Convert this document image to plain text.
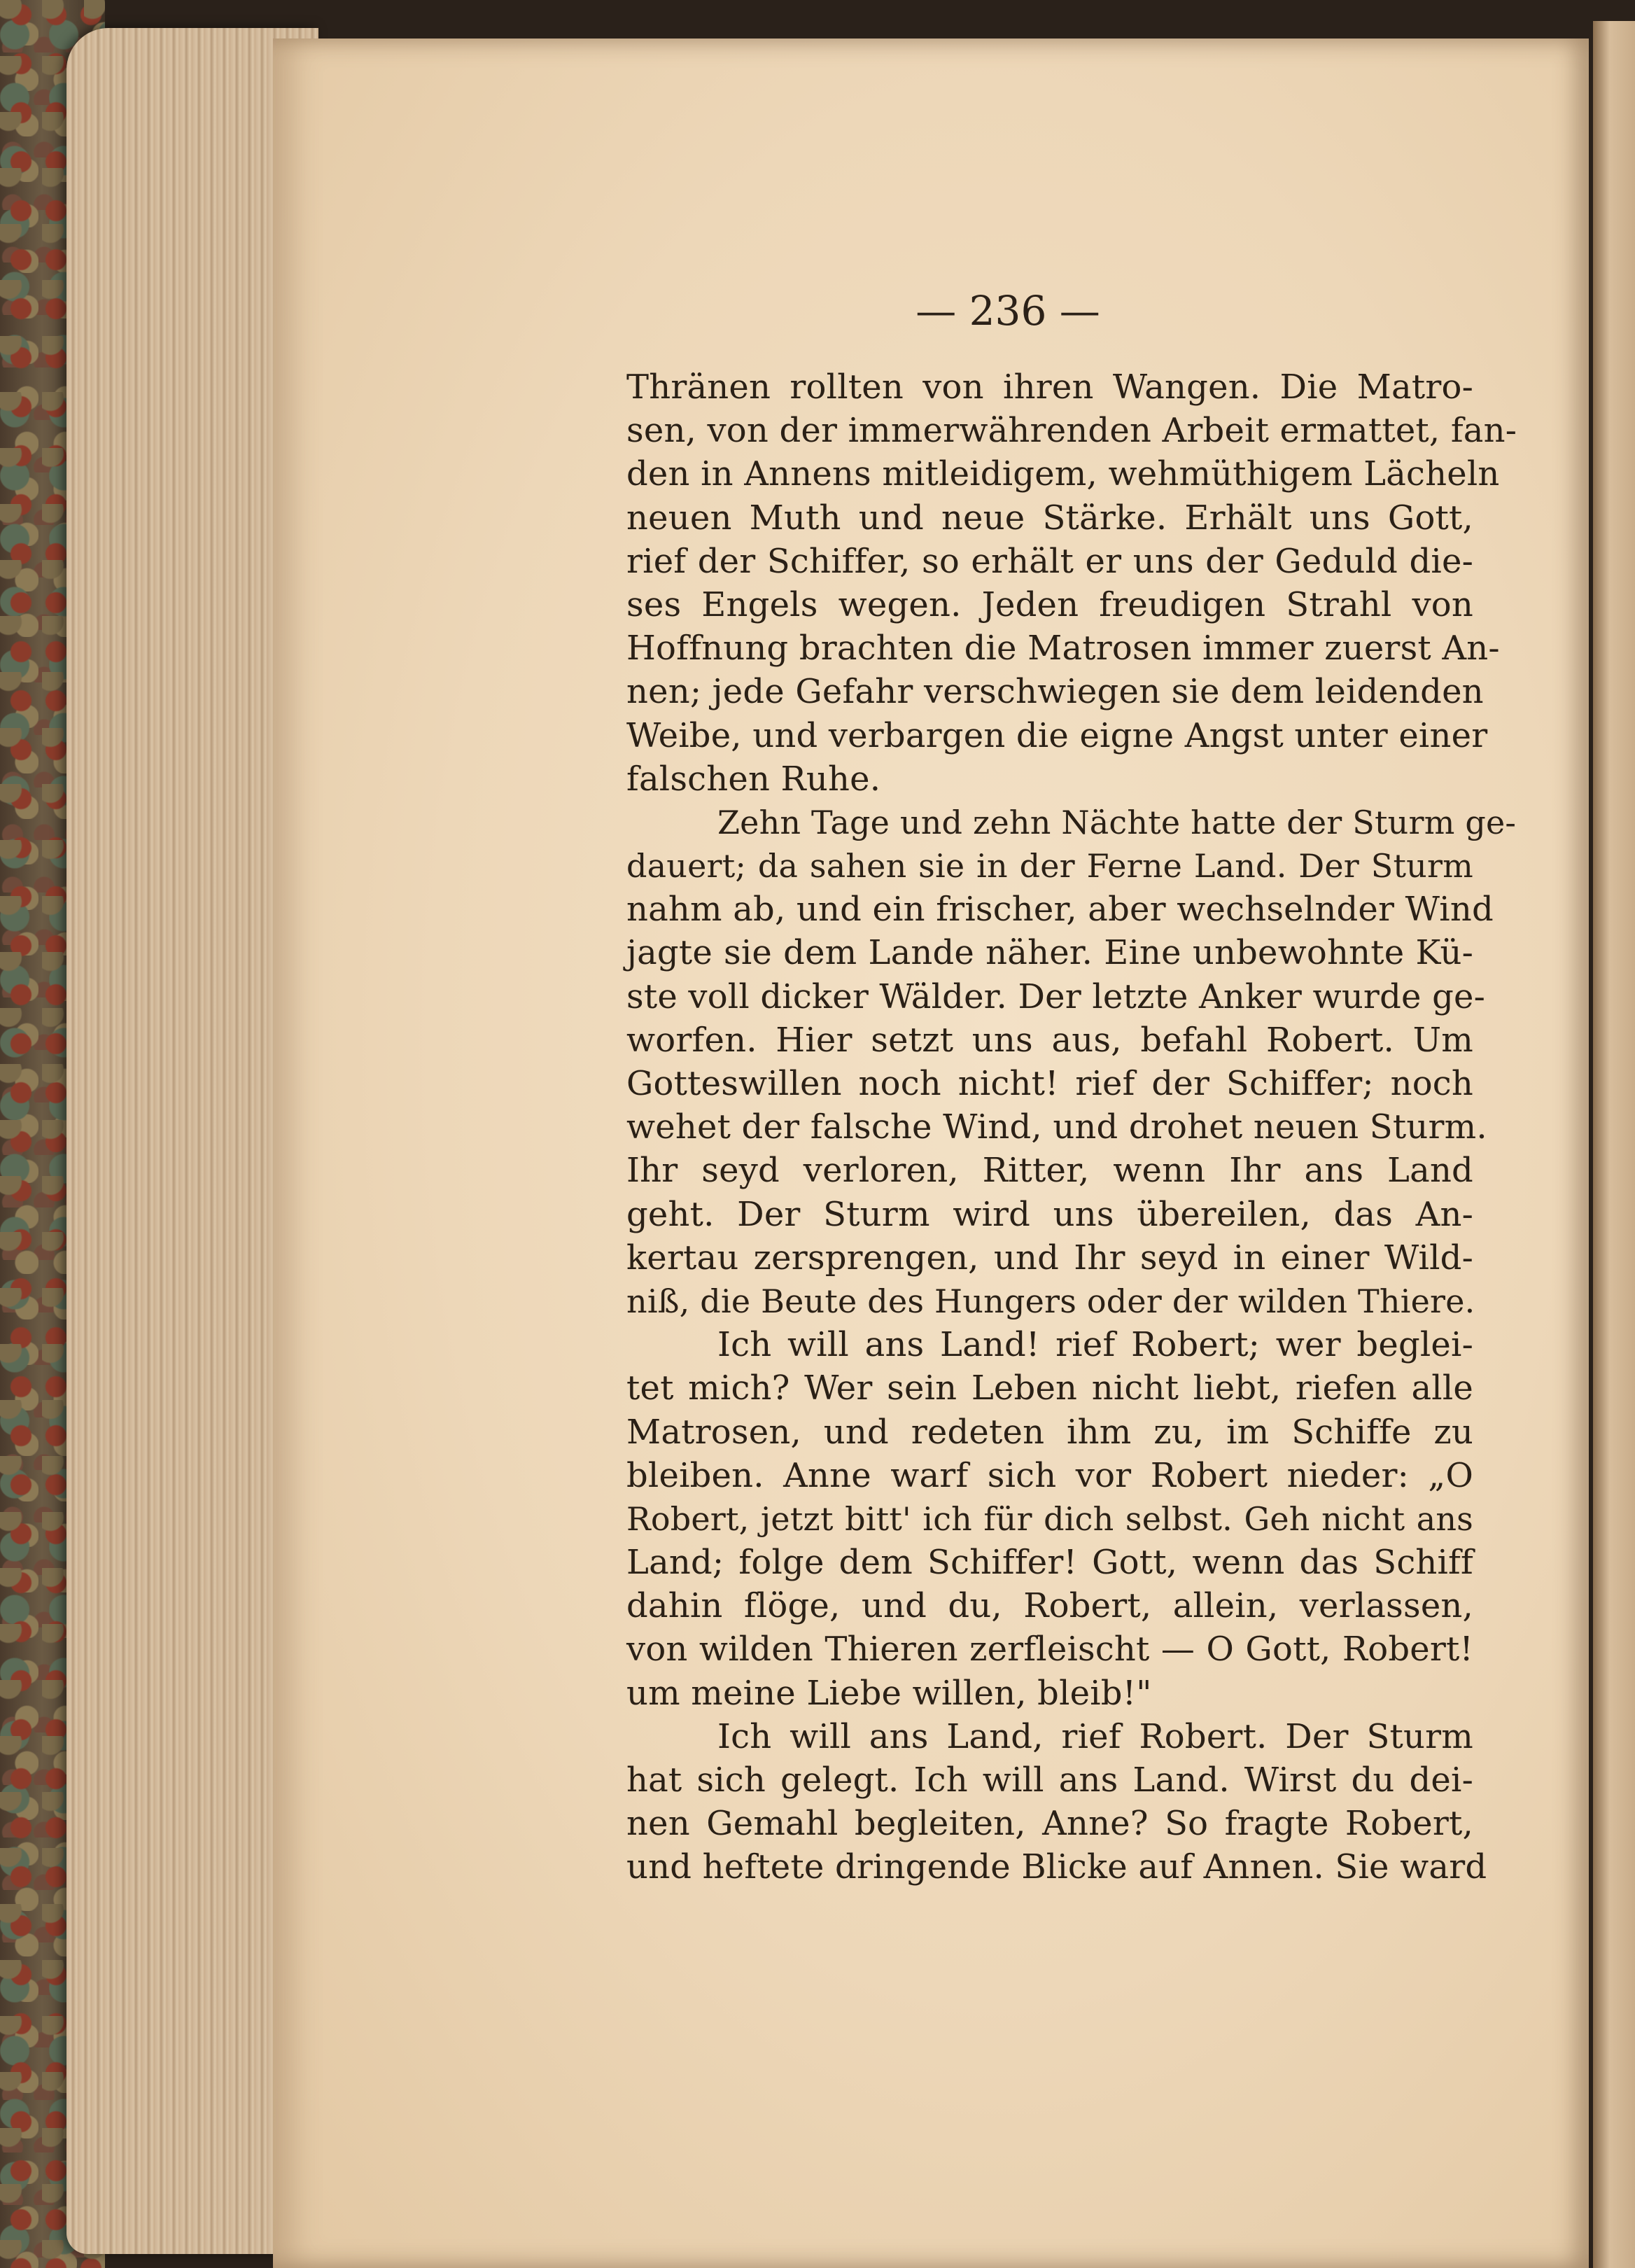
— 236 —

Thränen rollten von ihren Wangen. Die Matro-
sen, von der immerwährenden Arbeit ermattet, fan-
den in Annens mitleidigem, wehmüthigem Lächeln
neuen Muth und neue Stärke. Erhält uns Gott,
rief der Schiffer, so erhält er uns der Geduld die-
ses Engels wegen. Jeden freudigen Strahl von
Hoffnung brachten die Matrosen immer zuerst An-
nen; jede Gefahr verschwiegen sie dem leidenden
Weibe, und verbargen die eigne Angst unter einer
falschen Ruhe.
Zehn Tage und zehn Nächte hatte der Sturm ge-
dauert; da sahen sie in der Ferne Land. Der Sturm
nahm ab, und ein frischer, aber wechselnder Wind
jagte sie dem Lande näher. Eine unbewohnte Kü-
ste voll dicker Wälder. Der letzte Anker wurde ge-
worfen. Hier setzt uns aus, befahl Robert. Um
Gotteswillen noch nicht! rief der Schiffer; noch
wehet der falsche Wind, und drohet neuen Sturm.
Ihr seyd verloren, Ritter, wenn Ihr ans Land
geht. Der Sturm wird uns übereilen, das An-
kertau zersprengen, und Ihr seyd in einer Wild-
niß, die Beute des Hungers oder der wilden Thiere.
Ich will ans Land! rief Robert; wer beglei-
tet mich? Wer sein Leben nicht liebt, riefen alle
Matrosen, und redeten ihm zu, im Schiffe zu
bleiben. Anne warf sich vor Robert nieder: „O
Robert, jetzt bitt' ich für dich selbst. Geh nicht ans
Land; folge dem Schiffer! Gott, wenn das Schiff
dahin flöge, und du, Robert, allein, verlassen,
von wilden Thieren zerfleischt — O Gott, Robert!
um meine Liebe willen, bleib!"
Ich will ans Land, rief Robert. Der Sturm
hat sich gelegt. Ich will ans Land. Wirst du dei-
nen Gemahl begleiten, Anne? So fragte Robert,
und heftete dringende Blicke auf Annen. Sie ward
